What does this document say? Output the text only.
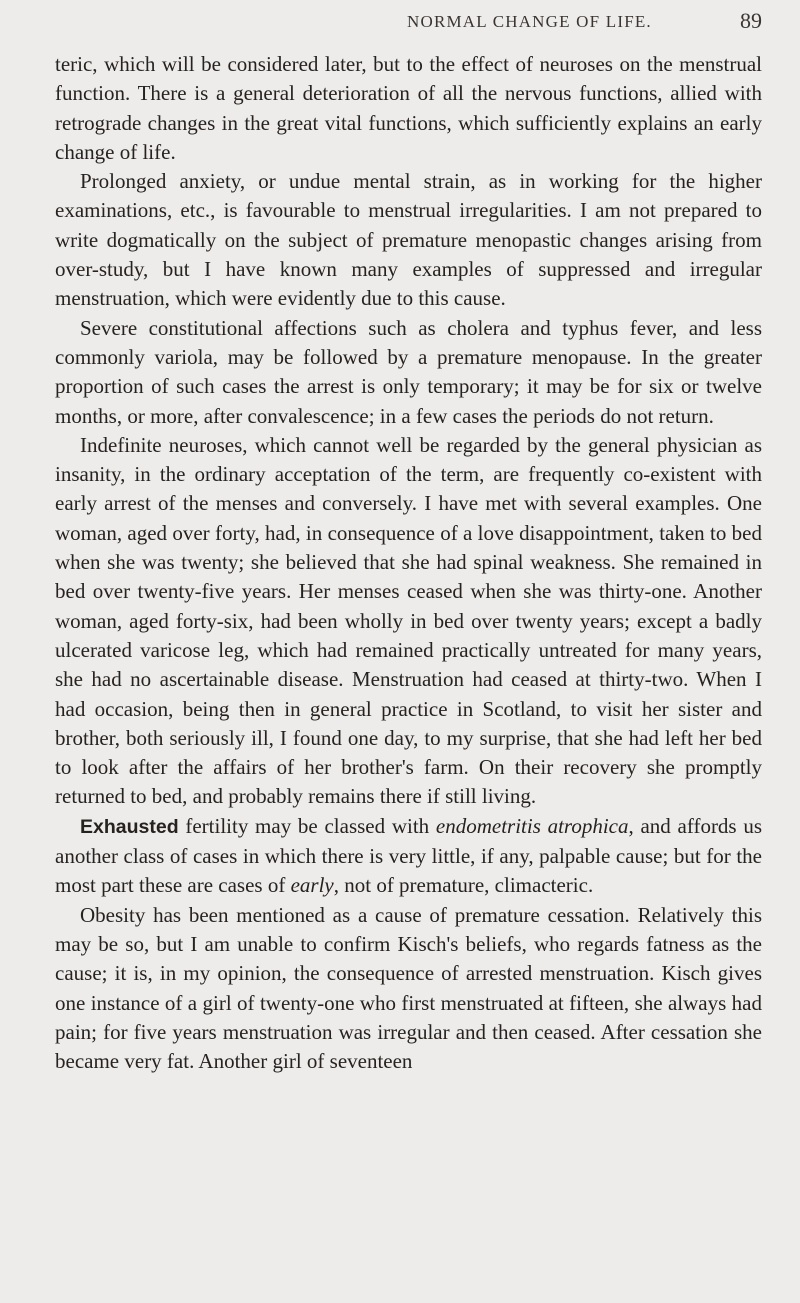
NORMAL CHANGE OF LIFE.	89

teric, which will be considered later, but to the effect of neuroses on the menstrual function. There is a general deterioration of all the nervous functions, allied with retrograde changes in the great vital functions, which sufficiently explains an early change of life.

Prolonged anxiety, or undue mental strain, as in working for the higher examinations, etc., is favourable to menstrual irregularities. I am not prepared to write dogmatically on the subject of premature menopastic changes arising from over-study, but I have known many examples of suppressed and irregular menstruation, which were evidently due to this cause.

Severe constitutional affections such as cholera and typhus fever, and less commonly variola, may be followed by a premature menopause. In the greater proportion of such cases the arrest is only temporary; it may be for six or twelve months, or more, after convalescence; in a few cases the periods do not return.

Indefinite neuroses, which cannot well be regarded by the general physician as insanity, in the ordinary acceptation of the term, are frequently co-existent with early arrest of the menses and conversely. I have met with several examples. One woman, aged over forty, had, in consequence of a love disappointment, taken to bed when she was twenty; she believed that she had spinal weakness. She remained in bed over twenty-five years. Her menses ceased when she was thirty-one. Another woman, aged forty-six, had been wholly in bed over twenty years; except a badly ulcerated varicose leg, which had remained practically untreated for many years, she had no ascertainable disease. Menstruation had ceased at thirty-two. When I had occasion, being then in general practice in Scotland, to visit her sister and brother, both seriously ill, I found one day, to my surprise, that she had left her bed to look after the affairs of her brother's farm. On their recovery she promptly returned to bed, and probably remains there if still living.

Exhausted fertility may be classed with endometritis atrophica, and affords us another class of cases in which there is very little, if any, palpable cause; but for the most part these are cases of early, not of premature, climacteric.

Obesity has been mentioned as a cause of premature cessation. Relatively this may be so, but I am unable to confirm Kisch's beliefs, who regards fatness as the cause; it is, in my opinion, the consequence of arrested menstruation. Kisch gives one instance of a girl of twenty-one who first menstruated at fifteen, she always had pain; for five years menstruation was irregular and then ceased. After cessation she became very fat. Another girl of seventeen
